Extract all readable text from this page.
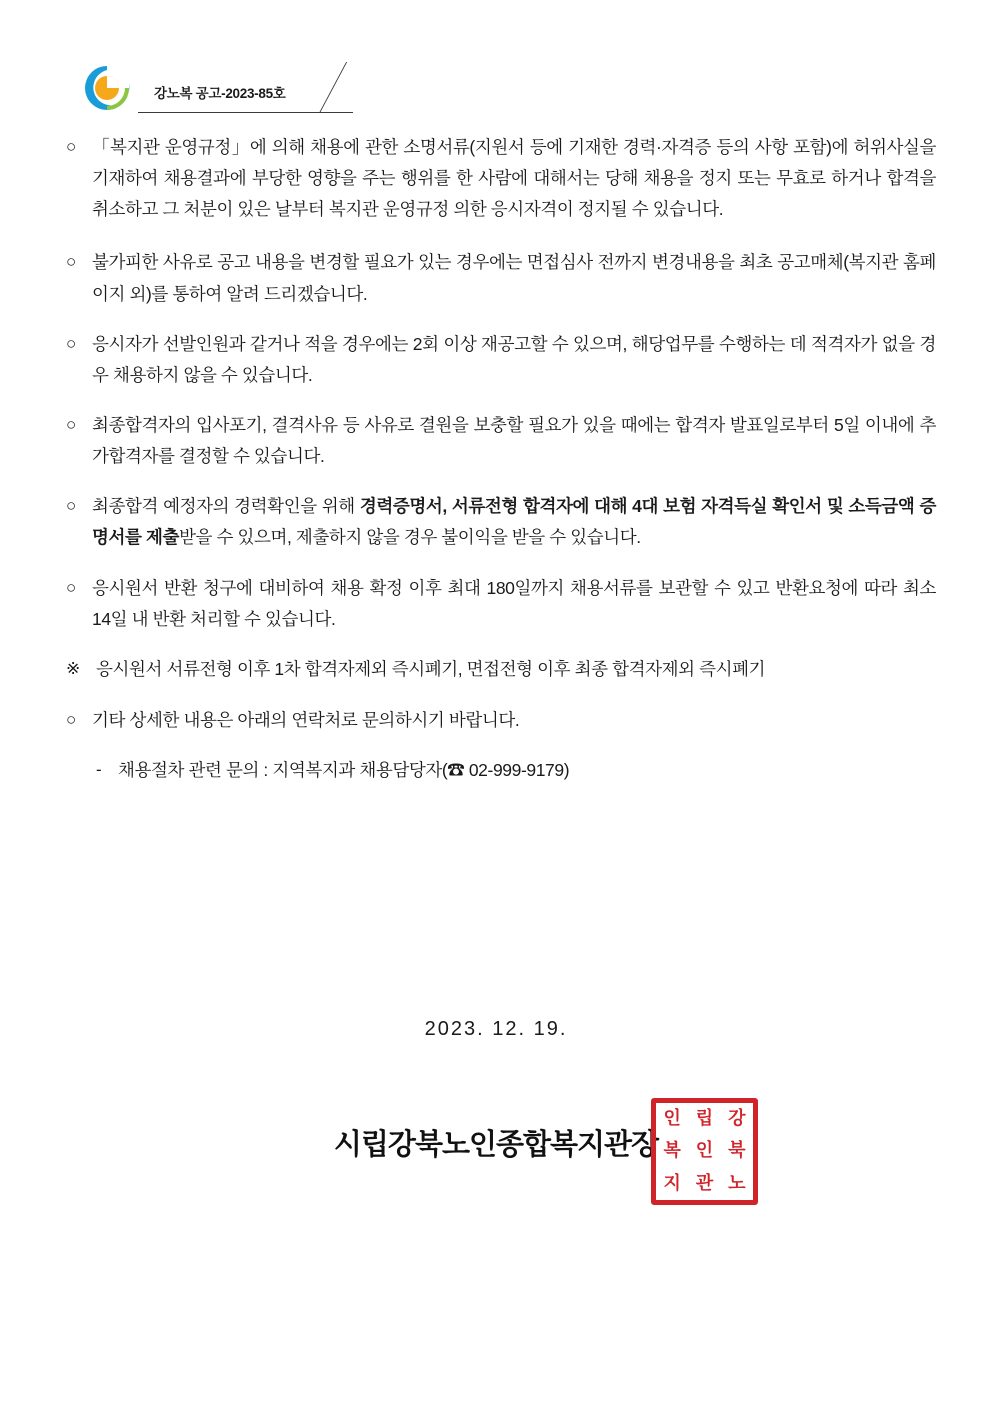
강노복 공고-2023-85호
○ 「복지관 운영규정」에 의해 채용에 관한 소명서류(지원서 등에 기재한 경력·자격증 등의 사항 포함)에 허위사실을 기재하여 채용결과에 부당한 영향을 주는 행위를 한 사람에 대해서는 당해 채용을 정지 또는 무효로 하거나 합격을 취소하고 그 처분이 있은 날부터 복지관 운영규정 의한 응시자격이 정지될 수 있습니다.
○ 불가피한 사유로 공고 내용을 변경할 필요가 있는 경우에는 면접심사 전까지 변경내용을 최초 공고매체(복지관 홈페이지 외)를 통하여 알려 드리겠습니다.
○ 응시자가 선발인원과 같거나 적을 경우에는 2회 이상 재공고할 수 있으며, 해당업무를 수행하는 데 적격자가 없을 경우 채용하지 않을 수 있습니다.
○ 최종합격자의 입사포기, 결격사유 등 사유로 결원을 보충할 필요가 있을 때에는 합격자 발표일로부터 5일 이내에 추가합격자를 결정할 수 있습니다.
○ 최종합격 예정자의 경력확인을 위해 경력증명서, 서류전형 합격자에 대해 4대 보험 자격득실 확인서 및 소득금액 증명서를 제출받을 수 있으며, 제출하지 않을 경우 불이익을 받을 수 있습니다.
○ 응시원서 반환 청구에 대비하여 채용 확정 이후 최대 180일까지 채용서류를 보관할 수 있고 반환요청에 따라 최소 14일 내 반환 처리할 수 있습니다.
※ 응시원서 서류전형 이후 1차 합격자제외 즉시폐기, 면접전형 이후 최종 합격자제외 즉시폐기
○ 기타 상세한 내용은 아래의 연락처로 문의하시기 바랍니다.
- 채용절차 관련 문의 : 지역복지과 채용담당자(☎ 02-999-9179)
2023. 12. 19.
시립강북노인종합복지관장
인 립 강
복 인 북
지 관 노
